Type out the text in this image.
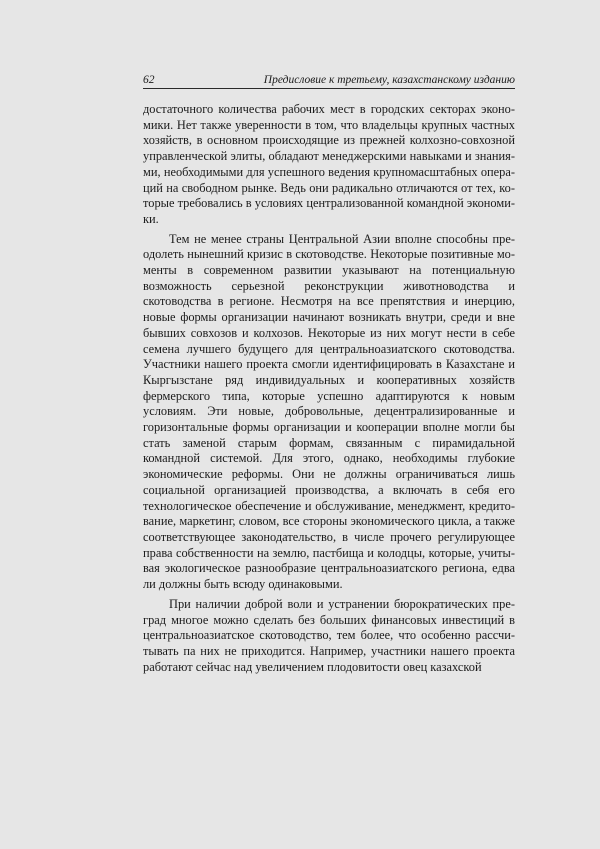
62	Предисловие к третьему, казахстанскому изданию

достаточного количества рабочих мест в городских секторах экономики. Нет также уверенности в том, что владельцы крупных частных хозяйств, в основном происходящие из прежней колхозно-совхозной управленческой элиты, обладают менеджерскими навыками и знаниями, необходимыми для успешного ведения крупномасштабных операций на свободном рынке. Ведь они радикально отличаются от тех, которые требовались в условиях централизованной командной экономики.

Тем не менее страны Центральной Азии вполне способны преодолеть нынешний кризис в скотоводстве. Некоторые позитивные моменты в современном развитии указывают на потенциальную возможность серьезной реконструкции животноводства и скотоводства в регионе. Несмотря на все препятствия и инерцию, новые формы организации начинают возникать внутри, среди и вне бывших совхозов и колхозов. Некоторые из них могут нести в себе семена лучшего будущего для центральноазиатского скотоводства. Участники нашего проекта смогли идентифицировать в Казахстане и Кыргызстане ряд индивидуальных и кооперативных хозяйств фермерского типа, которые успешно адаптируются к новым условиям. Эти новые, добровольные, децентрализированные и горизонтальные формы организации и кооперации вполне могли бы стать заменой старым формам, связанным с пирамидальной командной системой. Для этого, однако, необходимы глубокие экономические реформы. Они не должны ограничиваться лишь социальной организацией производства, а включать в себя его технологическое обеспечение и обслуживание, менеджмент, кредитование, маркетинг, словом, все стороны экономического цикла, а также соответствующее законодательство, в числе прочего регулирующее права собственности на землю, пастбища и колодцы, которые, учитывая экологическое разнообразие центральноазиатского региона, едва ли должны быть всюду одинаковыми.

При наличии доброй воли и устранении бюрократических преград многое можно сделать без больших финансовых инвестиций в центральноазиатское скотоводство, тем более, что особенно рассчитывать па них не приходится. Например, участники нашего проекта работают сейчас над увеличением плодовитости овец казахской
